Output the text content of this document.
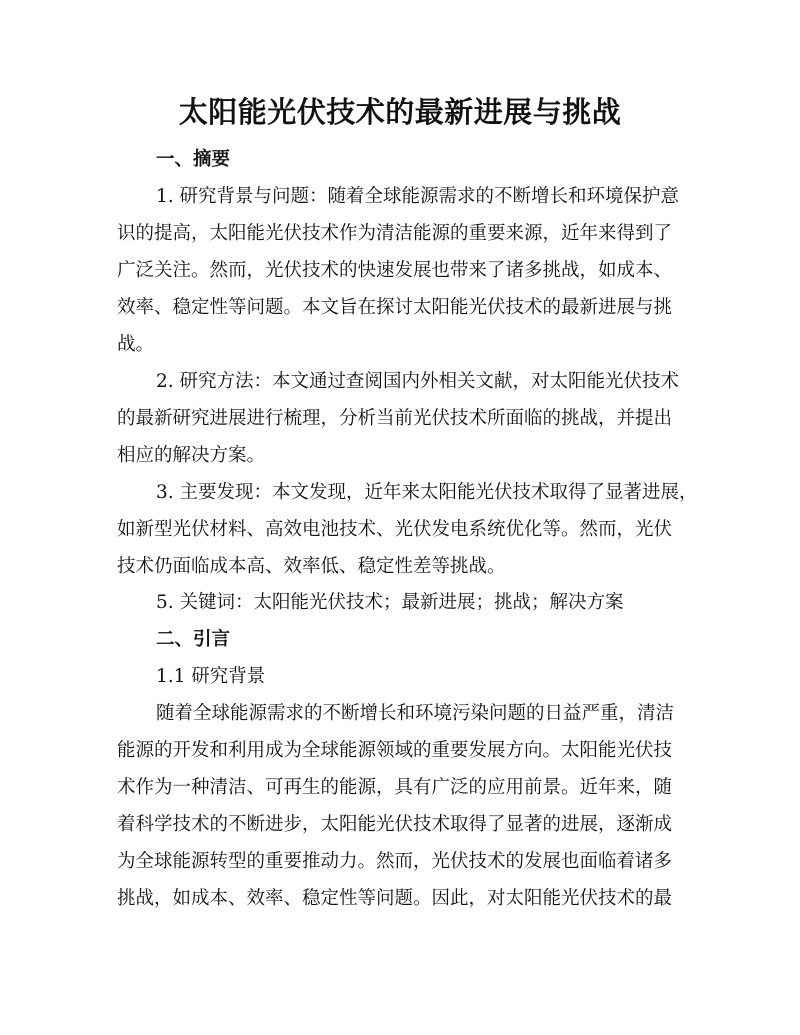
太阳能光伏技术的最新进展与挑战
一、摘要
1. 研究背景与问题：随着全球能源需求的不断增长和环境保护意
识的提高，太阳能光伏技术作为清洁能源的重要来源，近年来得到了
广泛关注。然而，光伏技术的快速发展也带来了诸多挑战，如成本、
效率、稳定性等问题。本文旨在探讨太阳能光伏技术的最新进展与挑
战。
2. 研究方法：本文通过查阅国内外相关文献，对太阳能光伏技术
的最新研究进展进行梳理，分析当前光伏技术所面临的挑战，并提出
相应的解决方案。
3. 主要发现：本文发现，近年来太阳能光伏技术取得了显著进展，
如新型光伏材料、高效电池技术、光伏发电系统优化等。然而，光伏
技术仍面临成本高、效率低、稳定性差等挑战。
5. 关键词：太阳能光伏技术；最新进展；挑战；解决方案
二、引言
1.1 研究背景
随着全球能源需求的不断增长和环境污染问题的日益严重，清洁
能源的开发和利用成为全球能源领域的重要发展方向。太阳能光伏技
术作为一种清洁、可再生的能源，具有广泛的应用前景。近年来，随
着科学技术的不断进步，太阳能光伏技术取得了显著的进展，逐渐成
为全球能源转型的重要推动力。然而，光伏技术的发展也面临着诸多
挑战，如成本、效率、稳定性等问题。因此，对太阳能光伏技术的最
